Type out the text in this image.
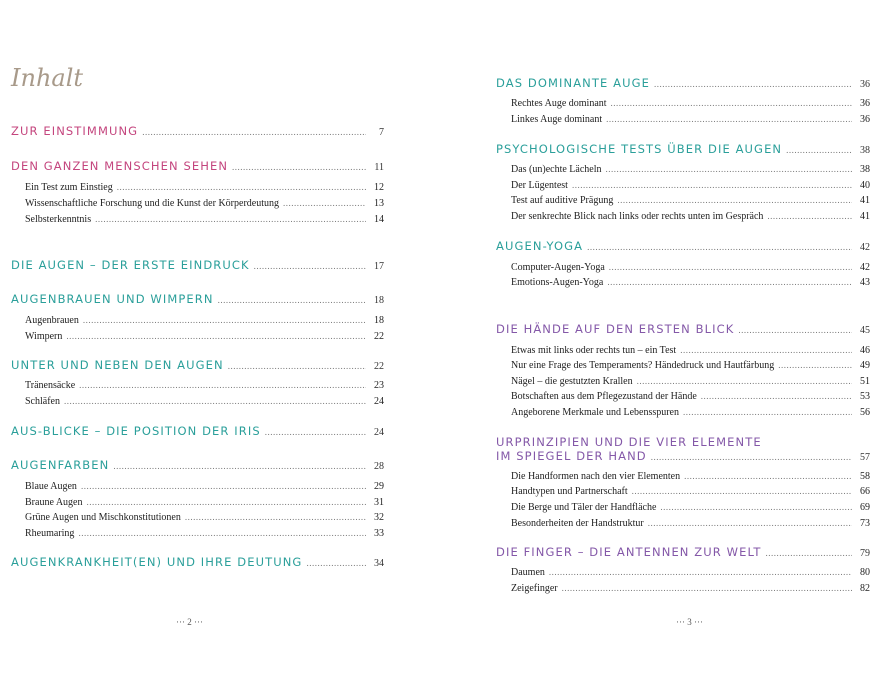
Inhalt
ZUR EINSTIMMUNG .....	7
DEN GANZEN MENSCHEN SEHEN .....	11
Ein Test zum Einstieg .....	12
Wissenschaftliche Forschung und die Kunst der Körperdeutung .....	13
Selbsterkenntnis .....	14
DIE AUGEN – DER ERSTE EINDRUCK .....	17
AUGENBRAUEN UND WIMPERN .....	18
Augenbrauen .....	18
Wimpern .....	22
UNTER UND NEBEN DEN AUGEN .....	22
Tränensäcke .....	23
Schläfen .....	24
AUS-BLICKE – DIE POSITION DER IRIS .....	24
AUGENFARBEN .....	28
Blaue Augen .....	29
Braune Augen .....	31
Grüne Augen und Mischkonstitutionen .....	32
Rheumaring .....	33
AUGENKRANKHEIT(EN) UND IHRE DEUTUNG .....	34
··· 2 ···
DAS DOMINANTE AUGE .....	36
Rechtes Auge dominant .....	36
Linkes Auge dominant .....	36
PSYCHOLOGISCHE TESTS ÜBER DIE AUGEN .....	38
Das (un)echte Lächeln .....	38
Der Lügentest .....	40
Test auf auditive Prägung .....	41
Der senkrechte Blick nach links oder rechts unten im Gespräch .....	41
AUGEN-YOGA .....	42
Computer-Augen-Yoga .....	42
Emotions-Augen-Yoga .....	43
DIE HÄNDE AUF DEN ERSTEN BLICK .....	45
Etwas mit links oder rechts tun – ein Test .....	46
Nur eine Frage des Temperaments? Händedruck und Hautfärbung .....	49
Nägel – die gestutzten Krallen .....	51
Botschaften aus dem Pflegezustand der Hände .....	53
Angeborene Merkmale und Lebensspuren .....	56
URPRINZIPIEN UND DIE VIER ELEMENTE
IM SPIEGEL DER HAND .....	57
Die Handformen nach den vier Elementen .....	58
Handtypen und Partnerschaft .....	66
Die Berge und Täler der Handfläche .....	69
Besonderheiten der Handstruktur .....	73
DIE FINGER – DIE ANTENNEN ZUR WELT .....	79
Daumen .....	80
Zeigefinger .....	82
··· 3 ···
